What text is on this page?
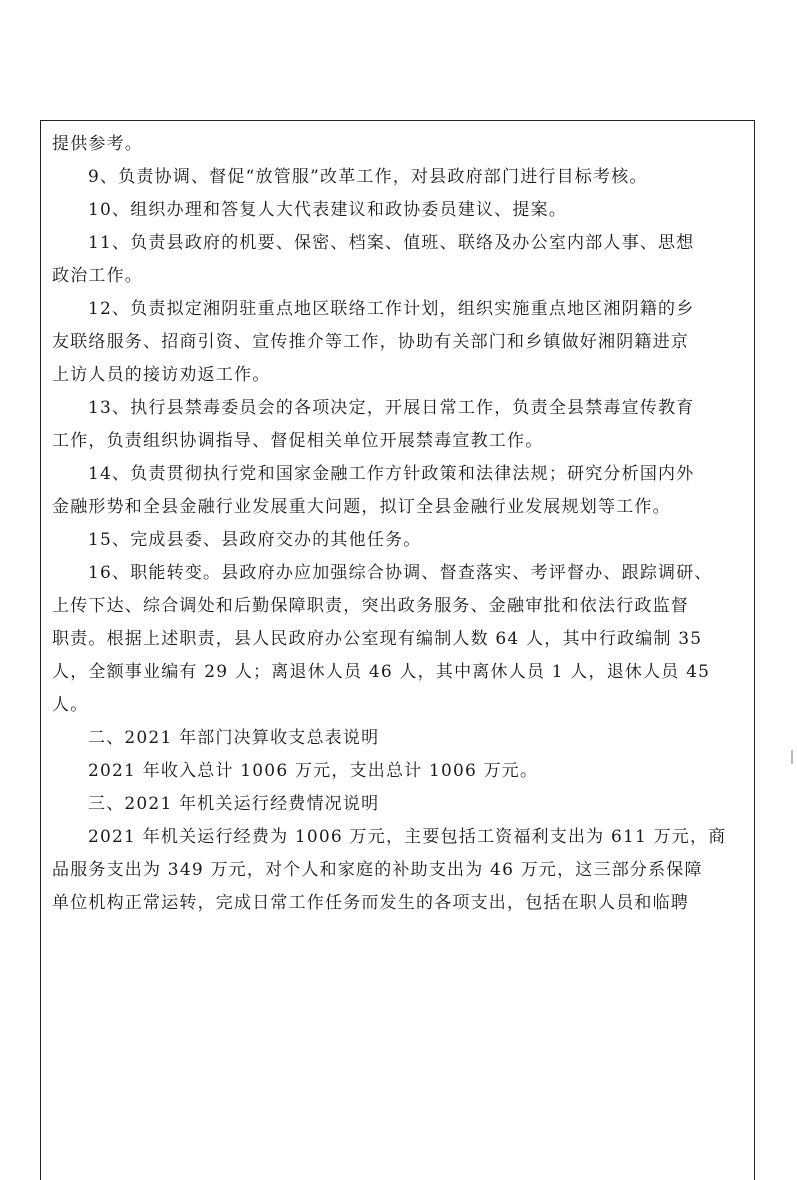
提供参考。

9、负责协调、督促“放管服”改革工作，对县政府部门进行目标考核。

10、组织办理和答复人大代表建议和政协委员建议、提案。

11、负责县政府的机要、保密、档案、值班、联络及办公室内部人事、思想
政治工作。

12、负责拟定湘阴驻重点地区联络工作计划，组织实施重点地区湘阴籍的乡
友联络服务、招商引资、宣传推介等工作，协助有关部门和乡镇做好湘阴籍进京
上访人员的接访劝返工作。

13、执行县禁毒委员会的各项决定，开展日常工作，负责全县禁毒宣传教育
工作，负责组织协调指导、督促相关单位开展禁毒宣教工作。

14、负责贯彻执行党和国家金融工作方针政策和法律法规；研究分析国内外
金融形势和全县金融行业发展重大问题，拟订全县金融行业发展规划等工作。

15、完成县委、县政府交办的其他任务。

16、职能转变。县政府办应加强综合协调、督查落实、考评督办、跟踪调研、
上传下达、综合调处和后勤保障职责，突出政务服务、金融审批和依法行政监督
职责。根据上述职责，县人民政府办公室现有编制人数 64 人，其中行政编制 35
人，全额事业编有 29 人；离退休人员 46 人，其中离休人员 1 人，退休人员 45
人。

二、2021 年部门决算收支总表说明

2021 年收入总计 1006 万元，支出总计 1006 万元。

三、2021 年机关运行经费情况说明

2021 年机关运行经费为 1006 万元，主要包括工资福利支出为 611 万元，商
品服务支出为 349 万元，对个人和家庭的补助支出为 46 万元，这三部分系保障
单位机构正常运转，完成日常工作任务而发生的各项支出，包括在职人员和临聘
